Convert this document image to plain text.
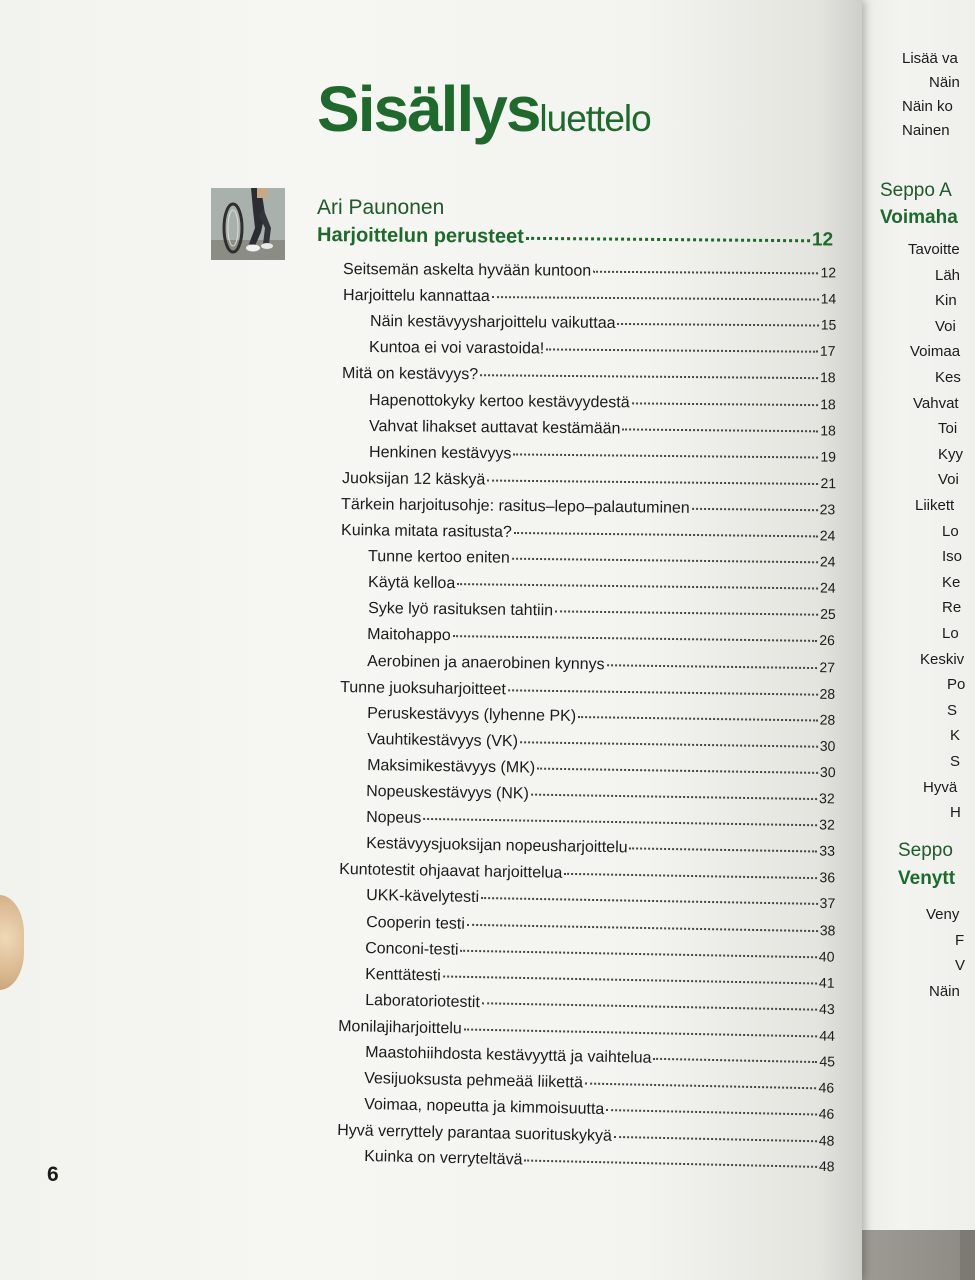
Lisää va
Näin
Näin ko
Nainen
Seppo A
Voimaha
Tavoitte
Läh
Kin
Voi
Voimaa
Kes
Vahvat
Toi
Kyy
Voi
Liikett
Lo
Iso
Ke
Re
Lo
Keskiv
Po
S
K
S
Hyvä
H
Seppo
Venytt
Veny
F
V
Näin
Sisällysluettelo
Ari Paunonen
Harjoittelun perusteet	12
Seitsemän askelta hyvään kuntoon	12
Harjoittelu kannattaa	14
Näin kestävyysharjoittelu vaikuttaa	15
Kuntoa ei voi varastoida!	17
Mitä on kestävyys?	18
Hapenottokyky kertoo kestävyydestä	18
Vahvat lihakset auttavat kestämään	18
Henkinen kestävyys	19
Juoksijan 12 käskyä	21
Tärkein harjoitusohje: rasitus–lepo–palautuminen	23
Kuinka mitata rasitusta?	24
Tunne kertoo eniten	24
Käytä kelloa	24
Syke lyö rasituksen tahtiin	25
Maitohappo	26
Aerobinen ja anaerobinen kynnys	27
Tunne juoksuharjoitteet	28
Peruskestävyys (lyhenne PK)	28
Vauhtikestävyys (VK)	30
Maksimikestävyys (MK)	30
Nopeuskestävyys (NK)	32
Nopeus	32
Kestävyysjuoksijan nopeusharjoittelu	33
Kuntotestit ohjaavat harjoittelua	36
UKK-kävelytesti	37
Cooperin testi	38
Conconi-testi	40
Kenttätesti	41
Laboratoriotestit	43
Monilajiharjoittelu	44
Maastohiihdosta kestävyyttä ja vaihtelua	45
Vesijuoksusta pehmeää liikettä	46
Voimaa, nopeutta ja kimmoisuutta	46
Hyvä verryttely parantaa suorituskykyä	48
Kuinka on verryteltävä	48
6
